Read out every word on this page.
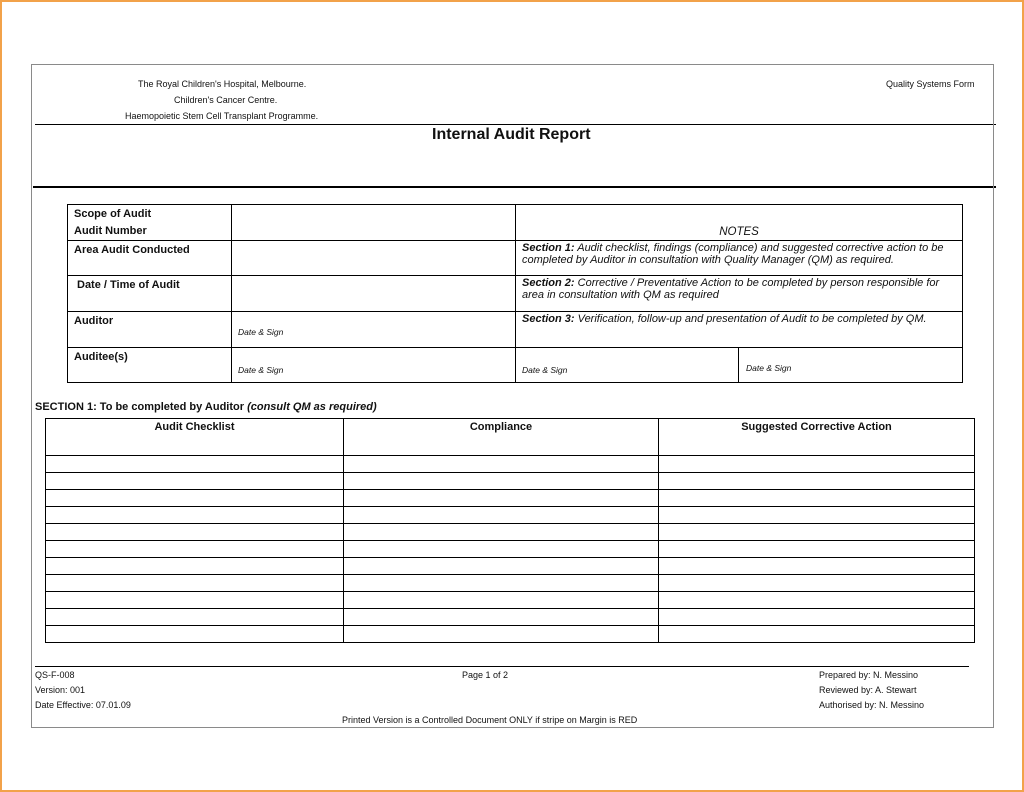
The Royal Children's Hospital, Melbourne.
Children's Cancer Centre.
Haemopoietic Stem Cell Transplant Programme.
Quality Systems Form
Internal Audit Report
Scope of Audit
Audit Number		NOTES	

Area Audit Conducted		Section 1: Audit checklist, findings (compliance) and suggested corrective action to be completed by Auditor in consultation with Quality Manager (QM) as required.	

Date / Time of Audit		Section 2: Corrective / Preventative Action to be completed by person responsible for area in consultation with QM as required	

Auditor	Date & Sign	Section 3: Verification, follow-up and presentation of Audit to be completed by QM.	

Auditee(s)	Date & Sign	Date & Sign	Date & Sign
SECTION 1: To be completed by Auditor (consult QM as required)
Audit Checklist	Compliance	Suggested Corrective Action

QS-F-008
Version: 001
Date Effective: 07.01.09
Page 1 of 2	Prepared by: N. Messino
Reviewed by: A. Stewart
Authorised by: N. Messino
Printed Version is a Controlled Document ONLY if stripe on Margin is RED
